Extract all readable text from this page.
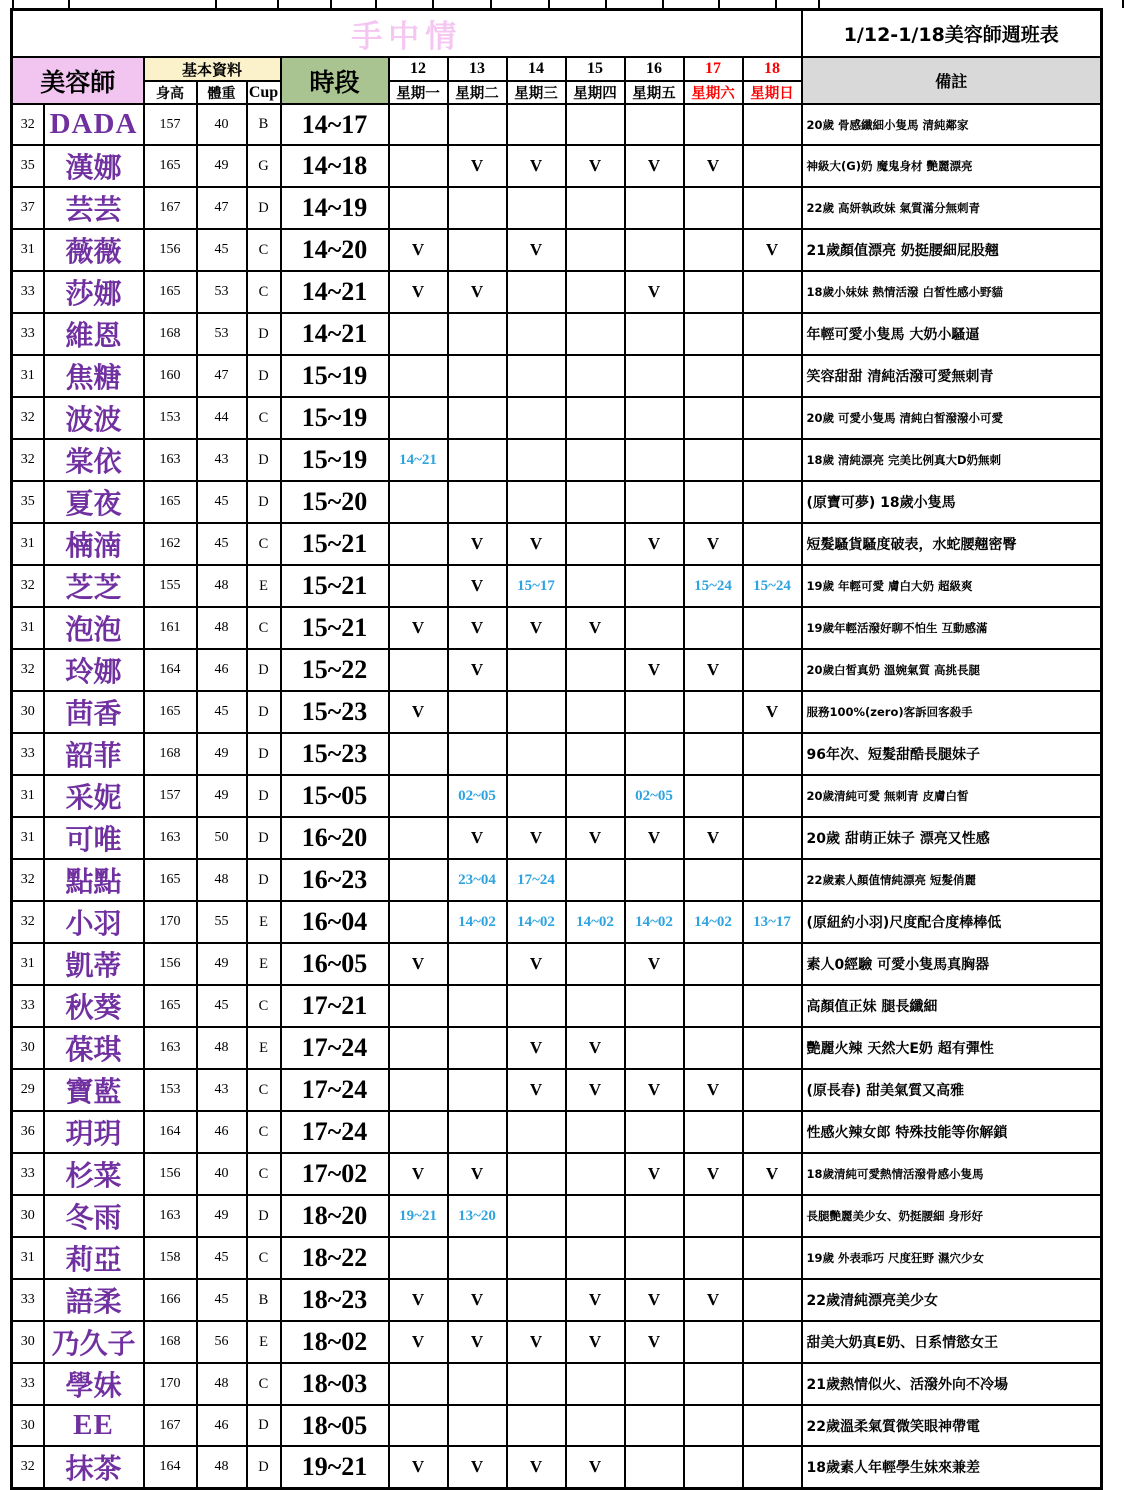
手中情													1/12-1/18美容師週班表
美容師		基本資料			時段	12	13	14	15	16	17	18	備註
		身高	體重	Cup		星期一	星期二	星期三	星期四	星期五	星期六	星期日	
32	DADA	157	40	B	14~17								20歲 骨感纖細小隻馬 清純鄰家
35	漢娜	165	49	G	14~18		V	V	V	V	V		神級大(G)奶 魔鬼身材 艷麗漂亮
37	芸芸	167	47	D	14~19								22歲 高妍執政妹 氣質滿分無刺青
31	薇薇	156	45	C	14~20	V		V				V	21歲顏值漂亮 奶挺腰細屁股翹
33	莎娜	165	53	C	14~21	V	V			V			18歲小妹妹 熱情活潑 白皙性感小野貓
33	維恩	168	53	D	14~21								年輕可愛小隻馬 大奶小騷逼
31	焦糖	160	47	D	15~19								笑容甜甜 清純活潑可愛無刺青
32	波波	153	44	C	15~19								20歲 可愛小隻馬 清純白皙潑潑小可愛
32	棠依	163	43	D	15~19	14~21							18歲 清純漂亮 完美比例真大D奶無刺
35	夏夜	165	45	D	15~20								(原寶可夢) 18歲小隻馬
31	楠湳	162	45	C	15~21		V	V		V	V		短髮騷貨騷度破表，水蛇腰翹密臀
32	芝芝	155	48	E	15~21		V	15~17			15~24	15~24	19歲 年輕可愛 膚白大奶 超級爽
31	泡泡	161	48	C	15~21	V	V	V	V				19歲年輕活潑好聊不怕生 互動感滿
32	玲娜	164	46	D	15~22		V			V	V		20歲白皙真奶 溫婉氣質 高挑長腿
30	茴香	165	45	D	15~23	V						V	服務100%(zero)客訴回客殺手
33	韶菲	168	49	D	15~23								96年次、短髮甜酷長腿妹子
31	采妮	157	49	D	15~05		02~05			02~05			20歲清純可愛 無刺青 皮膚白皙
31	可唯	163	50	D	16~20		V	V	V	V	V		20歲 甜萌正妹子 漂亮又性感
32	點點	165	48	D	16~23		23~04	17~24					22歲素人顏值情純漂亮 短髮俏麗
32	小羽	170	55	E	16~04		14~02	14~02	14~02	14~02	14~02	13~17	(原紐約小羽)尺度配合度棒棒低
31	凱蒂	156	49	E	16~05	V		V		V			素人0經驗 可愛小隻馬真胸器
33	秋葵	165	45	C	17~21								高顏值正妹 腿長纖細
30	葆琪	163	48	E	17~24			V	V				艷麗火辣 天然大E奶 超有彈性
29	寶藍	153	43	C	17~24			V	V	V	V		(原長春) 甜美氣質又高雅
36	玥玥	164	46	C	17~24								性感火辣女郎 特殊技能等你解鎖
33	杉菜	156	40	C	17~02	V	V			V	V	V	18歲清純可愛熱情活潑骨感小隻馬
30	冬雨	163	49	D	18~20	19~21	13~20						長腿艷麗美少女、奶挺腰細 身形好
31	莉亞	158	45	C	18~22								19歲 外表乖巧 尺度狂野 濕穴少女
33	語柔	166	45	B	18~23	V	V		V	V	V		22歲清純漂亮美少女
30	乃久子	168	56	E	18~02	V	V	V	V	V			甜美大奶真E奶、日系情慾女王
33	學妹	170	48	C	18~03								21歲熱情似火、活潑外向不冷場
30	EE	167	46	D	18~05								22歲溫柔氣質微笑眼神帶電
32	抹茶	164	48	D	19~21	V	V	V	V				18歲素人年輕學生妹來兼差
